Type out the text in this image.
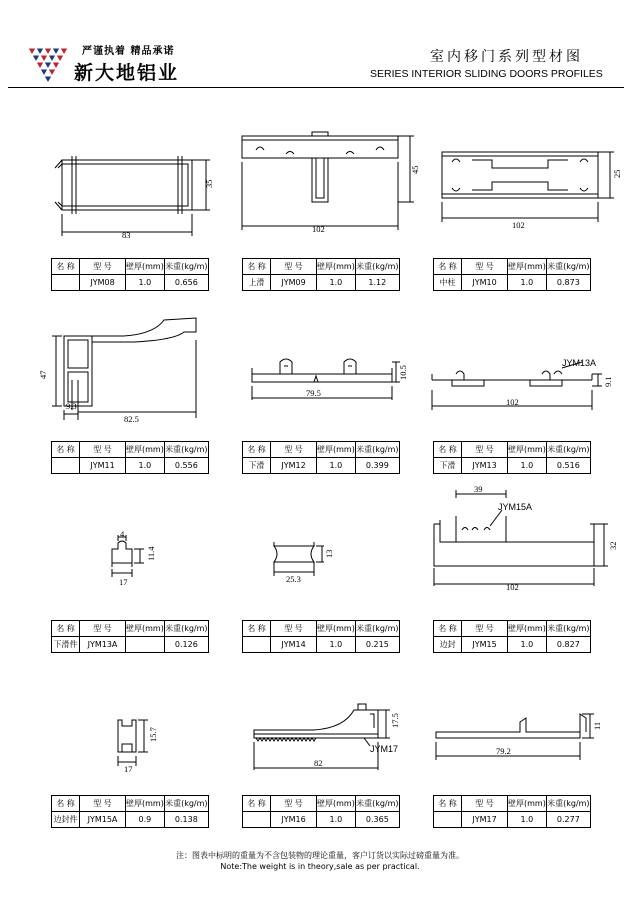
严谨执着 精品承诺
新大地铝业
室内移门系列型材图
SERIES INTERIOR SLIDING DOORS PROFILES
83
35
102
45
102
25
名 称	型 号	壁厚(mm)	米重(kg/m)
	JYM08	1.0	0.656
名 称	型 号	壁厚(mm)	米重(kg/m)
上滑	JYM09	1.0	1.12
名 称	型 号	壁厚(mm)	米重(kg/m)
中柱	JYM10	1.0	0.873
47
9.3
82.5
79.5
10.5
JYM13A
102
9.1
名 称	型 号	壁厚(mm)	米重(kg/m)
	JYM11	1.0	0.556
名 称	型 号	壁厚(mm)	米重(kg/m)
下滑	JYM12	1.0	0.399
名 称	型 号	壁厚(mm)	米重(kg/m)
下滑	JYM13	1.0	0.516
4
17
11.4
25.3
13
39
JYM15A
102
32
名 称	型 号	壁厚(mm)	米重(kg/m)
下滑件	JYM13A		0.126
名 称	型 号	壁厚(mm)	米重(kg/m)
	JYM14	1.0	0.215
名 称	型 号	壁厚(mm)	米重(kg/m)
边封	JYM15	1.0	0.827
17
15.7
82
17.5
JYM17	79.2
11
名 称	型 号	壁厚(mm)	米重(kg/m)
边封件	JYM15A	0.9	0.138
名 称	型 号	壁厚(mm)	米重(kg/m)
	JYM16	1.0	0.365
名 称	型 号	壁厚(mm)	米重(kg/m)
	JYM17	1.0	0.277
注：图表中标明的重量为不含包装物的理论重量，客户订货以实际过磅重量为准。
Note:The weight is in theory,sale as per practical.
